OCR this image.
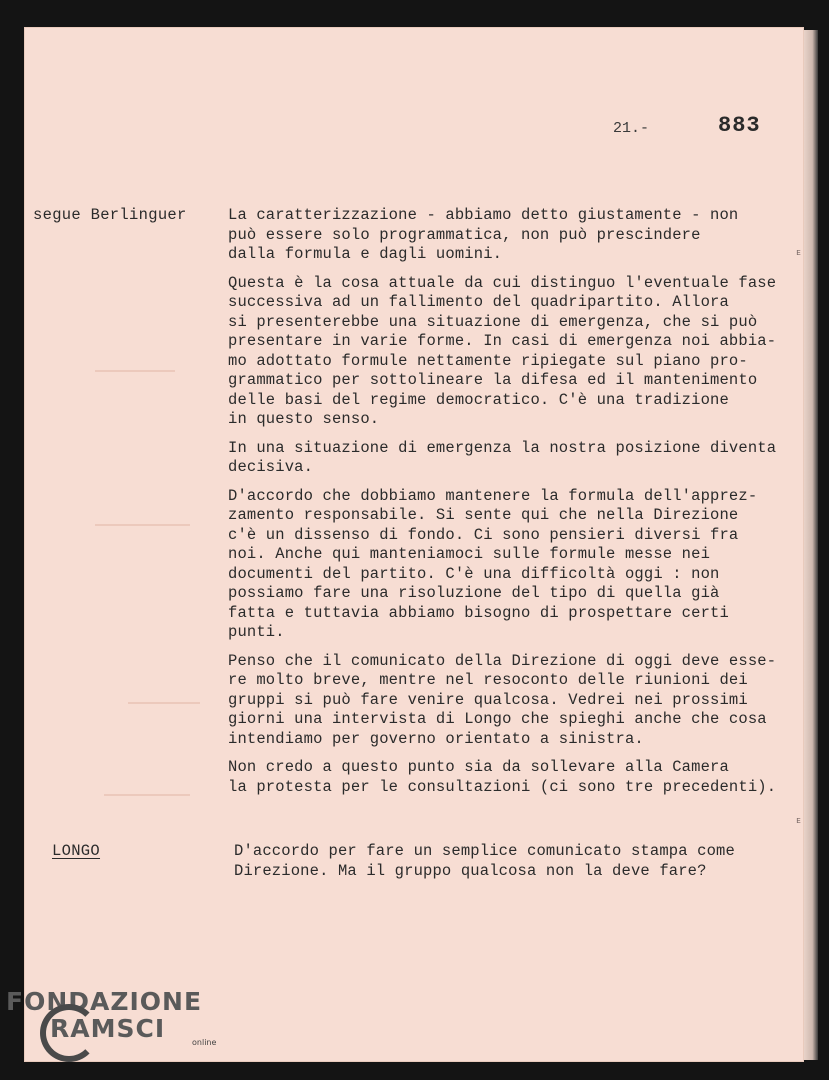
ᴇ
ᴇ
21.-	883
segue Berlinguer	La caratterizzazione - abbiamo detto giustamente - non
può essere solo programmatica, non può prescindere
dalla formula e dagli uomini.

Questa è la cosa attuale da cui distinguo l'eventuale fase
successiva ad un fallimento del quadripartito. Allora
si presenterebbe una situazione di emergenza, che si può
presentare in varie forme. In casi di emergenza noi abbia-
mo adottato formule nettamente ripiegate sul piano pro-
grammatico per sottolineare la difesa ed il mantenimento
delle basi del regime democratico. C'è una tradizione
in questo senso.

In una situazione di emergenza la nostra posizione diventa
decisiva.

D'accordo che dobbiamo mantenere la formula dell'apprez-
zamento responsabile. Si sente qui che nella Direzione
c'è un dissenso di fondo. Ci sono pensieri diversi fra
noi. Anche qui manteniamoci sulle formule messe nei
documenti del partito. C'è una difficoltà oggi : non
possiamo fare una risoluzione del tipo di quella già
fatta e tuttavia abbiamo bisogno di prospettare certi
punti.

Penso che il comunicato della Direzione di oggi deve esse-
re molto breve, mentre nel resoconto delle riunioni dei
gruppi si può fare venire qualcosa. Vedrei nei prossimi
giorni una intervista di Longo che spieghi anche che cosa
intendiamo per governo orientato a sinistra.

Non credo a questo punto sia da sollevare alla Camera
la protesta per le consultazioni (ci sono tre precedenti).

LONGO	D'accordo per fare un semplice comunicato stampa come
Direzione. Ma il gruppo qualcosa non la deve fare?

FONDAZIONE
RAMSCI	online
